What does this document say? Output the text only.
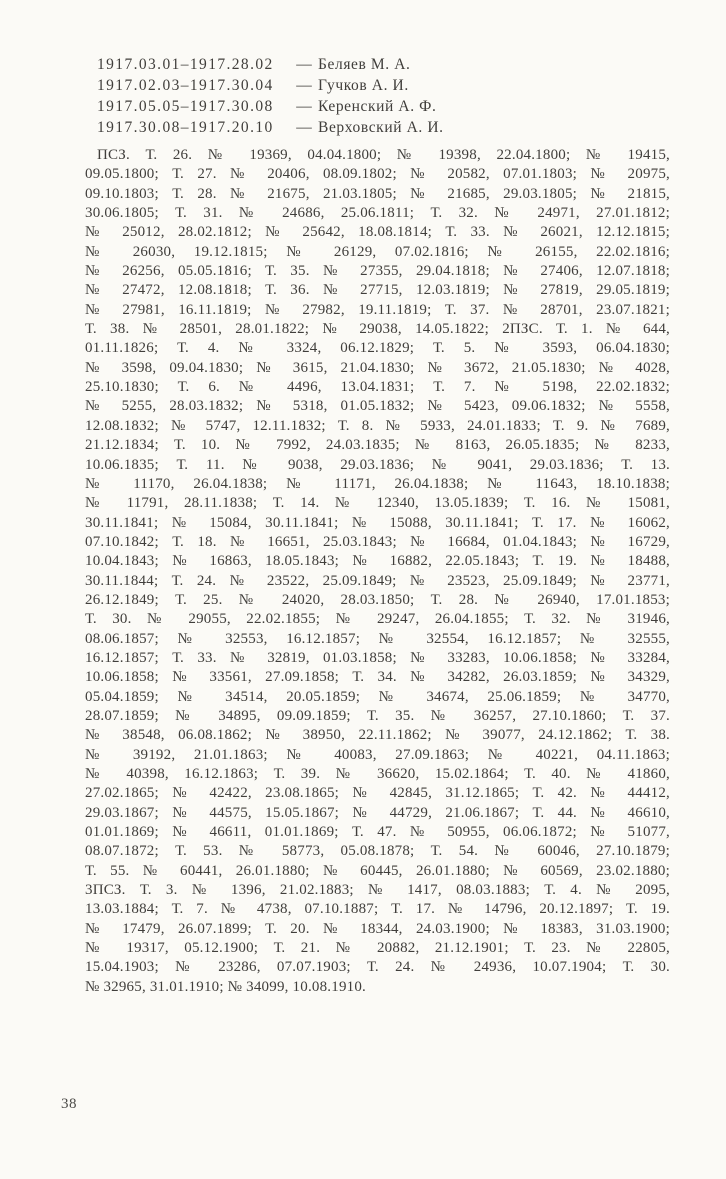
1917.03.01–1917.28.02 — Беляев М. А.
1917.02.03–1917.30.04 — Гучков А. И.
1917.05.05–1917.30.08 — Керенский А. Ф.
1917.30.08–1917.20.10 — Верховский А. И.
ПСЗ. Т. 26. № 19369, 04.04.1800; № 19398, 22.04.1800; № 19415,
09.05.1800; Т. 27. № 20406, 08.09.1802; № 20582, 07.01.1803; № 20975,
09.10.1803; Т. 28. № 21675, 21.03.1805; № 21685, 29.03.1805; № 21815,
30.06.1805; Т. 31. № 24686, 25.06.1811; Т. 32. № 24971, 27.01.1812;
№ 25012, 28.02.1812; № 25642, 18.08.1814; Т. 33. № 26021, 12.12.1815;
№ 26030, 19.12.1815; № 26129, 07.02.1816; № 26155, 22.02.1816;
№ 26256, 05.05.1816; Т. 35. № 27355, 29.04.1818; № 27406, 12.07.1818;
№ 27472, 12.08.1818; Т. 36. № 27715, 12.03.1819; № 27819, 29.05.1819;
№ 27981, 16.11.1819; № 27982, 19.11.1819; Т. 37. № 28701, 23.07.1821;
Т. 38. № 28501, 28.01.1822; № 29038, 14.05.1822; 2ПЗС. Т. 1. № 644,
01.11.1826; Т. 4. № 3324, 06.12.1829; Т. 5. № 3593, 06.04.1830;
№ 3598, 09.04.1830; № 3615, 21.04.1830; № 3672, 21.05.1830; № 4028,
25.10.1830; Т. 6. № 4496, 13.04.1831; Т. 7. № 5198, 22.02.1832;
№ 5255, 28.03.1832; № 5318, 01.05.1832; № 5423, 09.06.1832; № 5558,
12.08.1832; № 5747, 12.11.1832; Т. 8. № 5933, 24.01.1833; Т. 9. № 7689,
21.12.1834; Т. 10. № 7992, 24.03.1835; № 8163, 26.05.1835; № 8233,
10.06.1835; Т. 11. № 9038, 29.03.1836; № 9041, 29.03.1836; Т. 13.
№ 11170, 26.04.1838; № 11171, 26.04.1838; № 11643, 18.10.1838;
№ 11791, 28.11.1838; Т. 14. № 12340, 13.05.1839; Т. 16. № 15081,
30.11.1841; № 15084, 30.11.1841; № 15088, 30.11.1841; Т. 17. № 16062,
07.10.1842; Т. 18. № 16651, 25.03.1843; № 16684, 01.04.1843; № 16729,
10.04.1843; № 16863, 18.05.1843; № 16882, 22.05.1843; Т. 19. № 18488,
30.11.1844; Т. 24. № 23522, 25.09.1849; № 23523, 25.09.1849; № 23771,
26.12.1849; Т. 25. № 24020, 28.03.1850; Т. 28. № 26940, 17.01.1853;
Т. 30. № 29055, 22.02.1855; № 29247, 26.04.1855; Т. 32. № 31946,
08.06.1857; № 32553, 16.12.1857; № 32554, 16.12.1857; № 32555,
16.12.1857; Т. 33. № 32819, 01.03.1858; № 33283, 10.06.1858; № 33284,
10.06.1858; № 33561, 27.09.1858; Т. 34. № 34282, 26.03.1859; № 34329,
05.04.1859; № 34514, 20.05.1859; № 34674, 25.06.1859; № 34770,
28.07.1859; № 34895, 09.09.1859; Т. 35. № 36257, 27.10.1860; Т. 37.
№ 38548, 06.08.1862; № 38950, 22.11.1862; № 39077, 24.12.1862; Т. 38.
№ 39192, 21.01.1863; № 40083, 27.09.1863; № 40221, 04.11.1863;
№ 40398, 16.12.1863; Т. 39. № 36620, 15.02.1864; Т. 40. № 41860,
27.02.1865; № 42422, 23.08.1865; № 42845, 31.12.1865; Т. 42. № 44412,
29.03.1867; № 44575, 15.05.1867; № 44729, 21.06.1867; Т. 44. № 46610,
01.01.1869; № 46611, 01.01.1869; Т. 47. № 50955, 06.06.1872; № 51077,
08.07.1872; Т. 53. № 58773, 05.08.1878; Т. 54. № 60046, 27.10.1879;
Т. 55. № 60441, 26.01.1880; № 60445, 26.01.1880; № 60569, 23.02.1880;
3ПСЗ. Т. 3. № 1396, 21.02.1883; № 1417, 08.03.1883; Т. 4. № 2095,
13.03.1884; Т. 7. № 4738, 07.10.1887; Т. 17. № 14796, 20.12.1897; Т. 19.
№ 17479, 26.07.1899; Т. 20. № 18344, 24.03.1900; № 18383, 31.03.1900;
№ 19317, 05.12.1900; Т. 21. № 20882, 21.12.1901; Т. 23. № 22805,
15.04.1903; № 23286, 07.07.1903; Т. 24. № 24936, 10.07.1904; Т. 30.
№ 32965, 31.01.1910; № 34099, 10.08.1910.
38
